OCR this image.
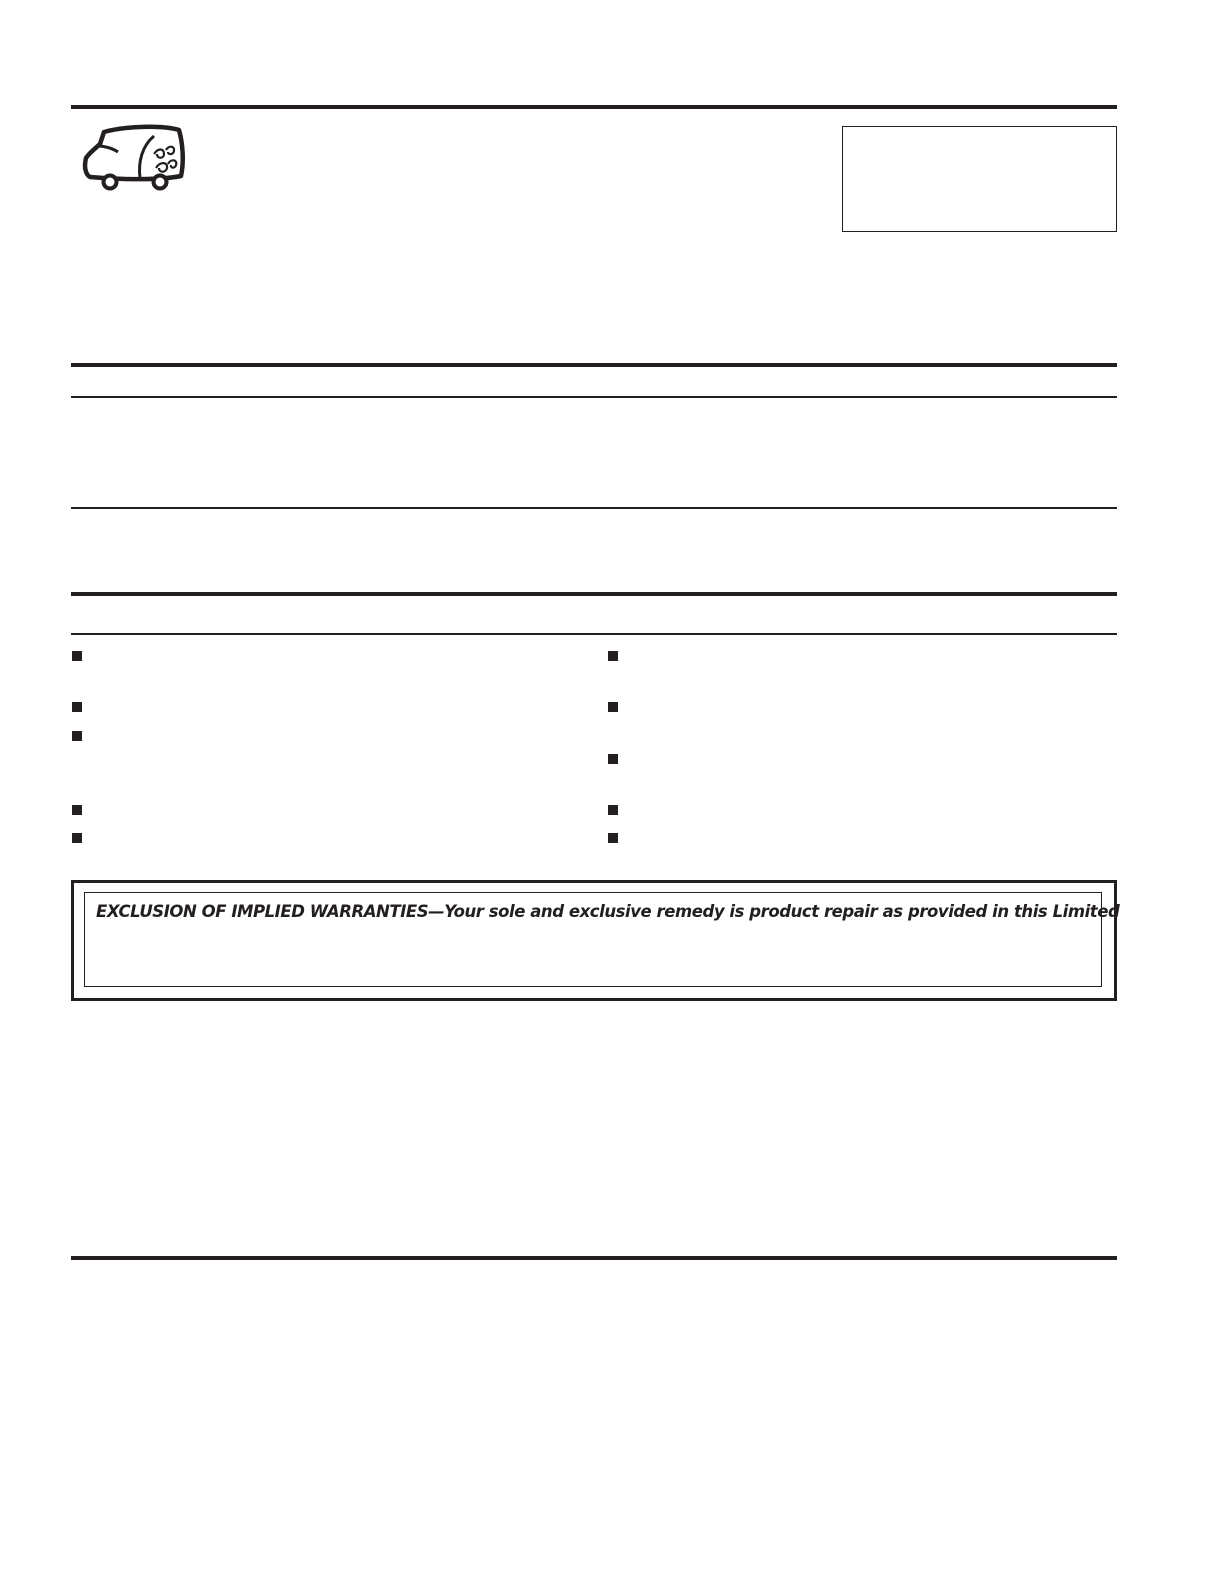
EXCLUSION OF IMPLIED WARRANTIES—Your sole and exclusive remedy is product repair as provided in this Limited
